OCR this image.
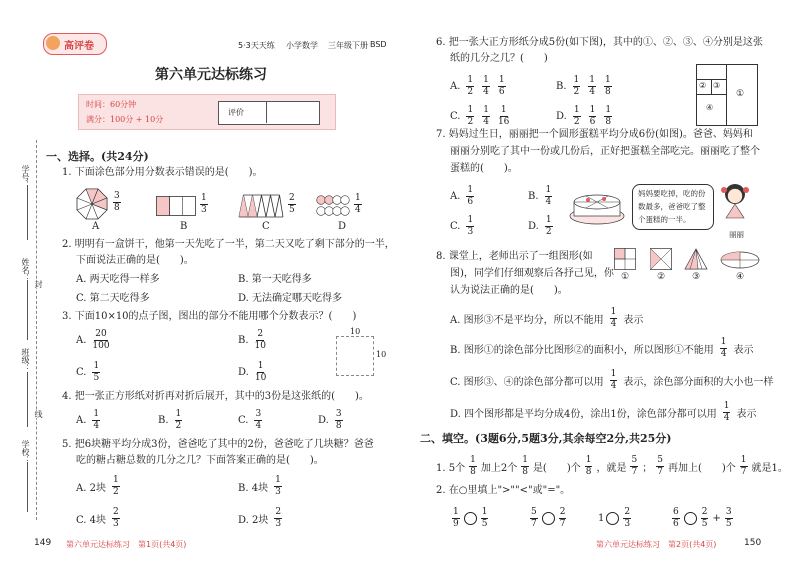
高评卷	5·3天天练 小学数学 三年级下册 BSD
第六单元达标练习
时间：60分钟
满分：100分 + 10分
评价
学号：
姓名：
封
班级：
线
学校：
一、选择。(共24分)
1. 下面涂色部分用分数表示错误的是(　　)。
$\frac{3}{8}$	$\frac{1}{3}$	$\frac{2}{5}$	$\frac{1}{4}$
A	B	C	D
2. 明明有一盒饼干，他第一天先吃了一半，第二天又吃了剩下部分的一半，
下面说法正确的是(　　)。
A. 两天吃得一样多	B. 第一天吃得多
C. 第二天吃得多	D. 无法确定哪天吃得多
3. 下面10×10的点子图，图出的部分不能用哪个分数表示？(　　)
A. $\frac{20}{100}$	B. $\frac{2}{10}$
C. $\frac{1}{5}$	D. $\frac{1}{10}$
10
10
4. 把一张正方形纸对折再对折后展开，其中的3份是这张纸的(　　)。
A. $\frac{1}{4}$	B. $\frac{1}{2}$	C. $\frac{3}{4}$	D. $\frac{3}{8}$
5. 把6块糖平均分成3份，爸爸吃了其中的2份，爸爸吃了几块糖？爸爸
吃的糖占糖总数的几分之几？下面答案正确的是(　　)。
A. 2块 $\frac{1}{2}$	B. 4块 $\frac{1}{3}$
C. 4块 $\frac{2}{3}$	D. 2块 $\frac{2}{3}$
149 第六单元达标练习　第1页(共4页)
6. 把一张大正方形纸分成5份(如下图)，其中的①、②、③、④分别是这张
纸的几分之几？(　　)
A. $\frac{1}{2} \frac{1}{4} \frac{1}{6}$	B. $\frac{1}{2} \frac{1}{4} \frac{1}{8}$
C. $\frac{1}{2} \frac{1}{4} \frac{1}{16}$	D. $\frac{1}{2} \frac{1}{6} \frac{1}{8}$
② ③
④
①
7. 妈妈过生日，丽丽把一个圆形蛋糕平均分成6份(如图)。爸爸、妈妈和
丽丽分别吃了其中一份或几份后，正好把蛋糕全部吃完。丽丽吃了整个
蛋糕的(　　)。
A. $\frac{1}{6}$	B. $\frac{1}{4}$
C. $\frac{1}{3}$	D. $\frac{1}{2}$
妈妈要吃掉，吃的份
数最多，爸爸吃了整
个蛋糕的一半。
丽丽
8. 课堂上，老师出示了一组图形(如
图)，同学们仔细观察后各抒己见，你
认为说法正确的是(　　)。
①	②	③	④
A. 图形③不是平均分，所以不能用 $\frac{1}{4}$ 表示
B. 图形①的涂色部分比图形②的面积小，所以图形①不能用 $\frac{1}{4}$ 表示
C. 图形③、④的涂色部分都可以用 $\frac{1}{4}$ 表示，涂色部分面积的大小也一样
D. 四个图形都是平均分成4份，涂出1份，涂色部分都可以用 $\frac{1}{4}$ 表示
二、填空。(3题6分,5题3分,其余每空2分,共25分)
1. 5个 $\frac{1}{8}$ 加上2个 $\frac{1}{8}$ 是(　　)个 $\frac{1}{8}$ ，就是 $\frac{5}{7}$ ； $\frac{5}{7}$ 再加上(　　)个 $\frac{1}{7}$ 就是1。
2. 在○里填上">""<"或"="。
$\frac{1}{9} \frac{1}{5}$	$\frac{5}{7} \frac{2}{7}$	$1 \frac{2}{3}$	$\frac{6}{6} \frac{2}{5} + \frac{3}{5}$
第六单元达标练习　第2页(共4页)	150
